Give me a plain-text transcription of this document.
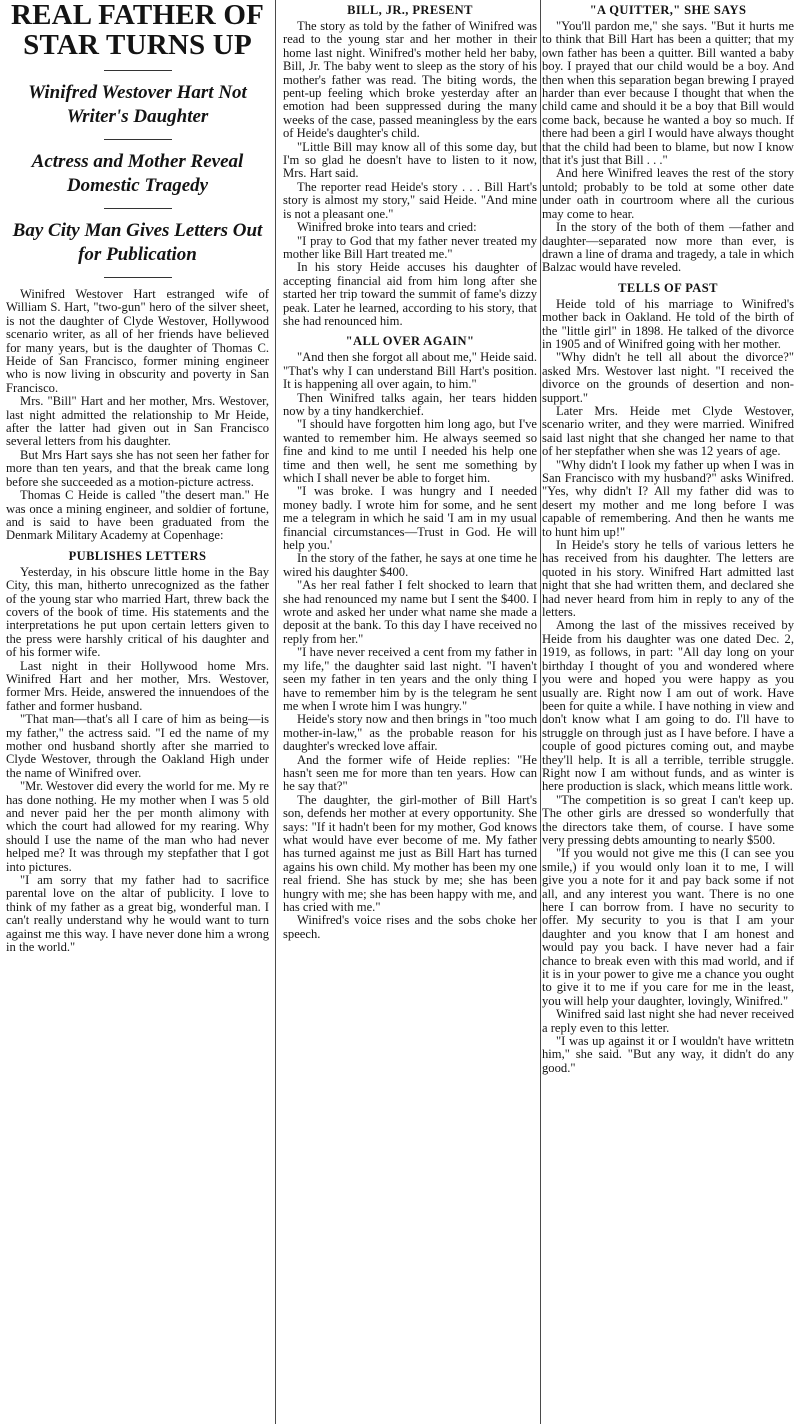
REAL FATHER OF STAR TURNS UP
Winifred Westover Hart Not Writer's Daughter
Actress and Mother Reveal Domestic Tragedy
Bay City Man Gives Letters Out for Publication

Winifred Westover Hart estranged wife of William S. Hart, "two-gun" hero of the silver sheet, is not the daughter of Clyde Westover, Hollywood scenario writer, as all of her friends have believed for many years, but is the daughter of Thomas C. Heide of San Francisco, former mining engineer who is now living in obscurity and poverty in San Francisco.

Mrs. "Bill" Hart and her mother, Mrs. Westover, last night admitted the relationship to Mr Heide, after the latter had given out in San Francisco several letters from his daughter.

But Mrs Hart says she has not seen her father for more than ten years, and that the break came long before she succeeded as a motion-picture actress.

Thomas C Heide is called "the desert man." He was once a mining engineer, and soldier of fortune, and is said to have been graduated from the Denmark Military Academy at Copenhage:

PUBLISHES LETTERS

Yesterday, in his obscure little home in the Bay City, this man, hitherto unrecognized as the father of the young star who married Hart, threw back the covers of the book of time. His statements and the interpretations he put upon certain letters given to the press were harshly critical of his daughter and of his former wife.

Last night in their Hollywood home Mrs. Winifred Hart and her mother, Mrs. Westover, former Mrs. Heide, answered the innuendoes of the father and former husband.

"That man—that's all I care of him as being—is my father," the actress said. "I ed the name of my mother ond husband shortly after she married to Clyde Westover, through the Oakland High under the name of Winifred over.

"Mr. Westover did every the world for me. My re has done nothing. He my mother when I was 5 old and never paid her the per month alimony with which the court had allowed for my rearing. Why should I use the name of the man who had never helped me? It was through my stepfather that I got into pictures.

"I am sorry that my father had to sacrifice parental love on the altar of publicity. I love to think of my father as a great big, wonderful man. I can't really understand why he would want to turn against me this way. I have never done him a wrong in the world."

BILL, JR., PRESENT

The story as told by the father of Winifred was read to the young star and her mother in their home last night. Winifred's mother held her baby, Bill, Jr. The baby went to sleep as the story of his mother's father was read. The biting words, the pent-up feeling which broke yesterday after an emotion had been suppressed during the many weeks of the case, passed meaningless by the ears of Heide's daughter's child.

"Little Bill may know all of this some day, but I'm so glad he doesn't have to listen to it now, Mrs. Hart said.

The reporter read Heide's story . . . Bill Hart's story is almost my story," said Heide. "And mine is not a pleasant one."

Winifred broke into tears and cried:

"I pray to God that my father never treated my mother like Bill Hart treated me."

In his story Heide accuses his daughter of accepting financial aid from him long after she started her trip toward the summit of fame's dizzy peak. Later he learned, according to his story, that she had renounced him.

"ALL OVER AGAIN"

"And then she forgot all about me," Heide said. "That's why I can understand Bill Hart's position. It is happening all over again, to him."

Then Winifred talks again, her tears hidden now by a tiny handkerchief.

"I should have forgotten him long ago, but I've wanted to remember him. He always seemed so fine and kind to me until I needed his help one time and then well, he sent me something by which I shall never be able to forget him.

"I was broke. I was hungry and I needed money badly. I wrote him for some, and he sent me a telegram in which he said 'I am in my usual financial circumstances—Trust in God. He will help you.'

In the story of the father, he says at one time he wired his daughter $400.

"As her real father I felt shocked to learn that she had renounced my name but I sent the $400. I wrote and asked her under what name she made a deposit at the bank. To this day I have received no reply from her."

"I have never received a cent from my father in my life," the daughter said last night. "I haven't seen my father in ten years and the only thing I have to remember him by is the telegram he sent me when I wrote him I was hungry."

Heide's story now and then brings in "too much mother-in-law," as the probable reason for his daughter's wrecked love affair.

And the former wife of Heide replies: "He hasn't seen me for more than ten years. How can he say that?"

The daughter, the girl-mother of Bill Hart's son, defends her mother at every opportunity. She says: "If it hadn't been for my mother, God knows what would have ever become of me. My father has turned against me just as Bill Hart has turned agains his own child. My mother has been my one real friend. She has stuck by me; she has been hungry with me; she has been happy with me, and has cried with me."

Winifred's voice rises and the sobs choke her speech.

"A QUITTER," SHE SAYS

"You'll pardon me," she says. "But it hurts me to think that Bill Hart has been a quitter; that my own father has been a quitter. Bill wanted a baby boy. I prayed that our child would be a boy. And then when this separation began brewing I prayed harder than ever because I thought that when the child came and should it be a boy that Bill would come back, because he wanted a boy so much. If there had been a girl I would have always thought that the child had been to blame, but now I know that it's just that Bill . . ."

And here Winifred leaves the rest of the story untold; probably to be told at some other date under oath in courtroom where all the curious may come to hear.

In the story of the both of them —father and daughter—separated now more than ever, is drawn a line of drama and tragedy, a tale in which Balzac would have reveled.

TELLS OF PAST

Heide told of his marriage to Winifred's mother back in Oakland. He told of the birth of the "little girl" in 1898. He talked of the divorce in 1905 and of Winifred going with her mother.

"Why didn't he tell all about the divorce?" asked Mrs. Westover last night. "I received the divorce on the grounds of desertion and non-support."

Later Mrs. Heide met Clyde Westover, scenario writer, and they were married. Winifred said last night that she changed her name to that of her stepfather when she was 12 years of age.

"Why didn't I look my father up when I was in San Francisco with my husband?" asks Winifred. "Yes, why didn't I? All my father did was to desert my mother and me long before I was capable of remembering. And then he wants me to hunt him up!"

In Heide's story he tells of various letters he has received from his daughter. The letters are quoted in his story. Winifred Hart admitted last night that she had written them, and declared she had never heard from him in reply to any of the letters.

Among the last of the missives received by Heide from his daughter was one dated Dec. 2, 1919, as follows, in part: "All day long on your birthday I thought of you and wondered where you were and hoped you were happy as you usually are. Right now I am out of work. Have been for quite a while. I have nothing in view and don't know what I am going to do. I'll have to struggle on through just as I have before. I have a couple of good pictures coming out, and maybe they'll help. It is all a terrible, terrible struggle. Right now I am without funds, and as winter is here production is slack, which means little work.

"The competition is so great I can't keep up. The other girls are dressed so wonderfully that the directors take them, of course. I have some very pressing debts amounting to nearly $500.

"If you would not give me this (I can see you smile,) if you would only loan it to me, I will give you a note for it and pay back some if not all, and any interest you want. There is no one here I can borrow from. I have no security to offer. My security to you is that I am your daughter and you know that I am honest and would pay you back. I have never had a fair chance to break even with this mad world, and if it is in your power to give me a chance you ought to give it to me if you care for me in the least, you will help your daughter, lovingly, Winifred."

Winifred said last night she had never received a reply even to this letter.

"I was up against it or I wouldn't have writtetn him," she said. "But any way, it didn't do any good."
